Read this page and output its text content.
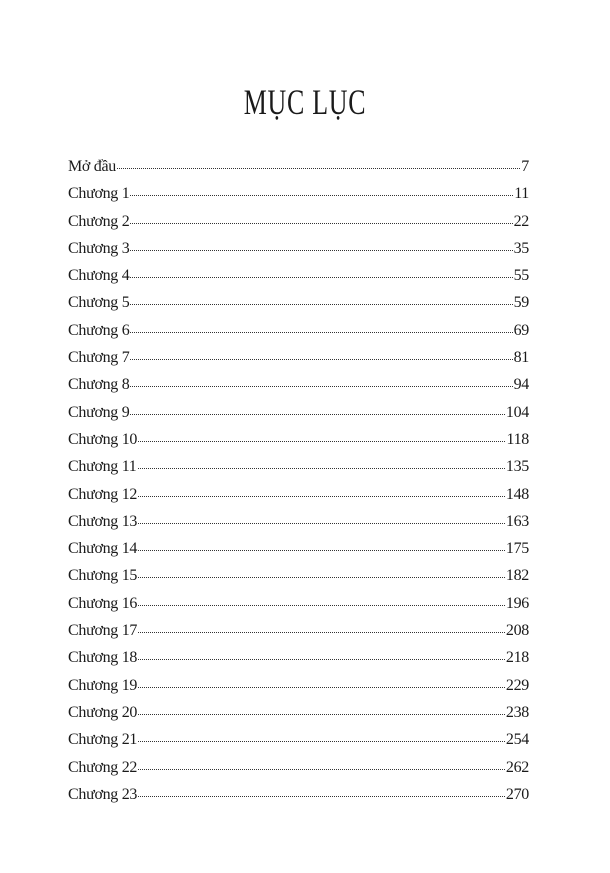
MỤC LỤC
Mở đầu	7
Chương 1	11
Chương 2	22
Chương 3	35
Chương 4	55
Chương 5	59
Chương 6	69
Chương 7	81
Chương 8	94
Chương 9	104
Chương 10	118
Chương 11	135
Chương 12	148
Chương 13	163
Chương 14	175
Chương 15	182
Chương 16	196
Chương 17	208
Chương 18	218
Chương 19	229
Chương 20	238
Chương 21	254
Chương 22	262
Chương 23	270
